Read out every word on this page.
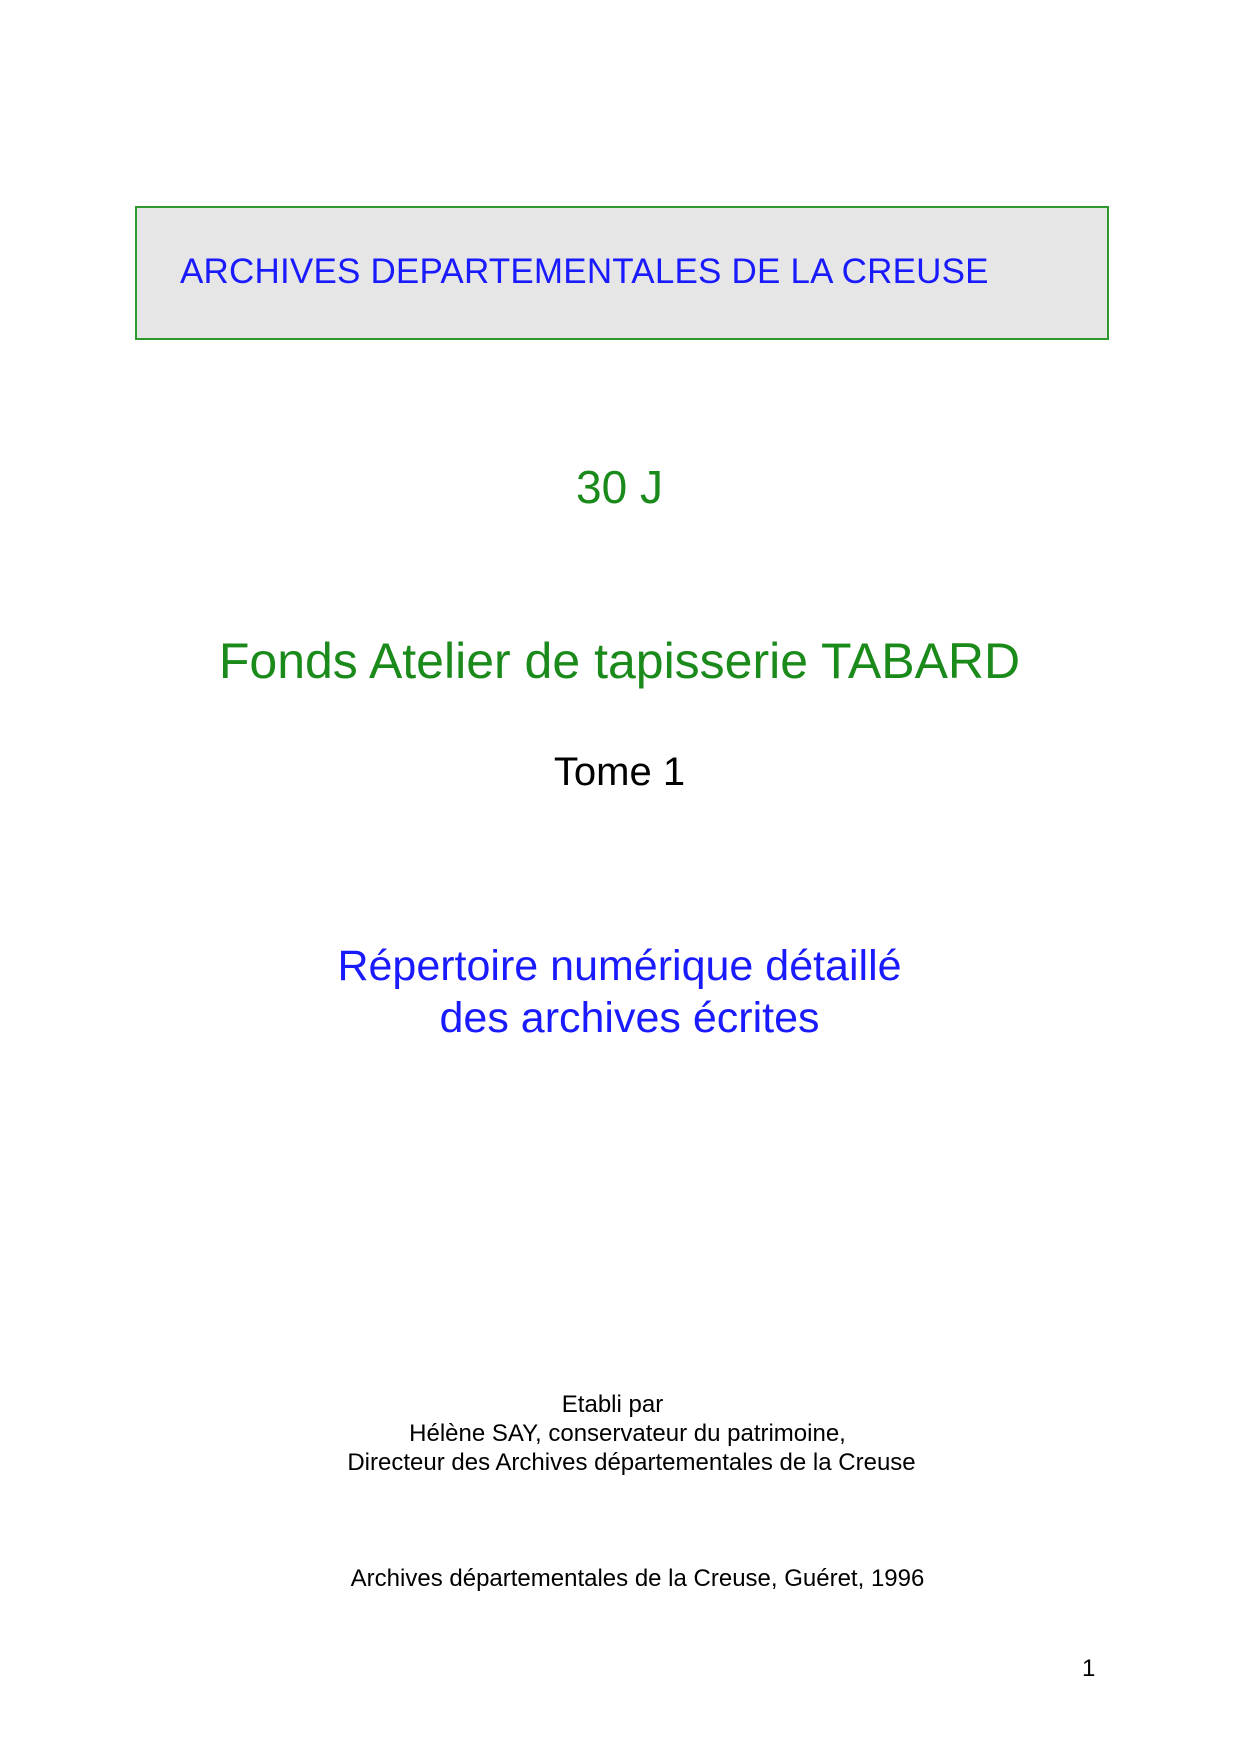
ARCHIVES DEPARTEMENTALES DE LA CREUSE
30 J
Fonds Atelier de tapisserie TABARD
Tome 1
Répertoire numérique détaillé
des archives écrites
Etabli par
Hélène SAY, conservateur du patrimoine,
Directeur des Archives départementales de la Creuse
Archives départementales de la Creuse, Guéret, 1996
1
